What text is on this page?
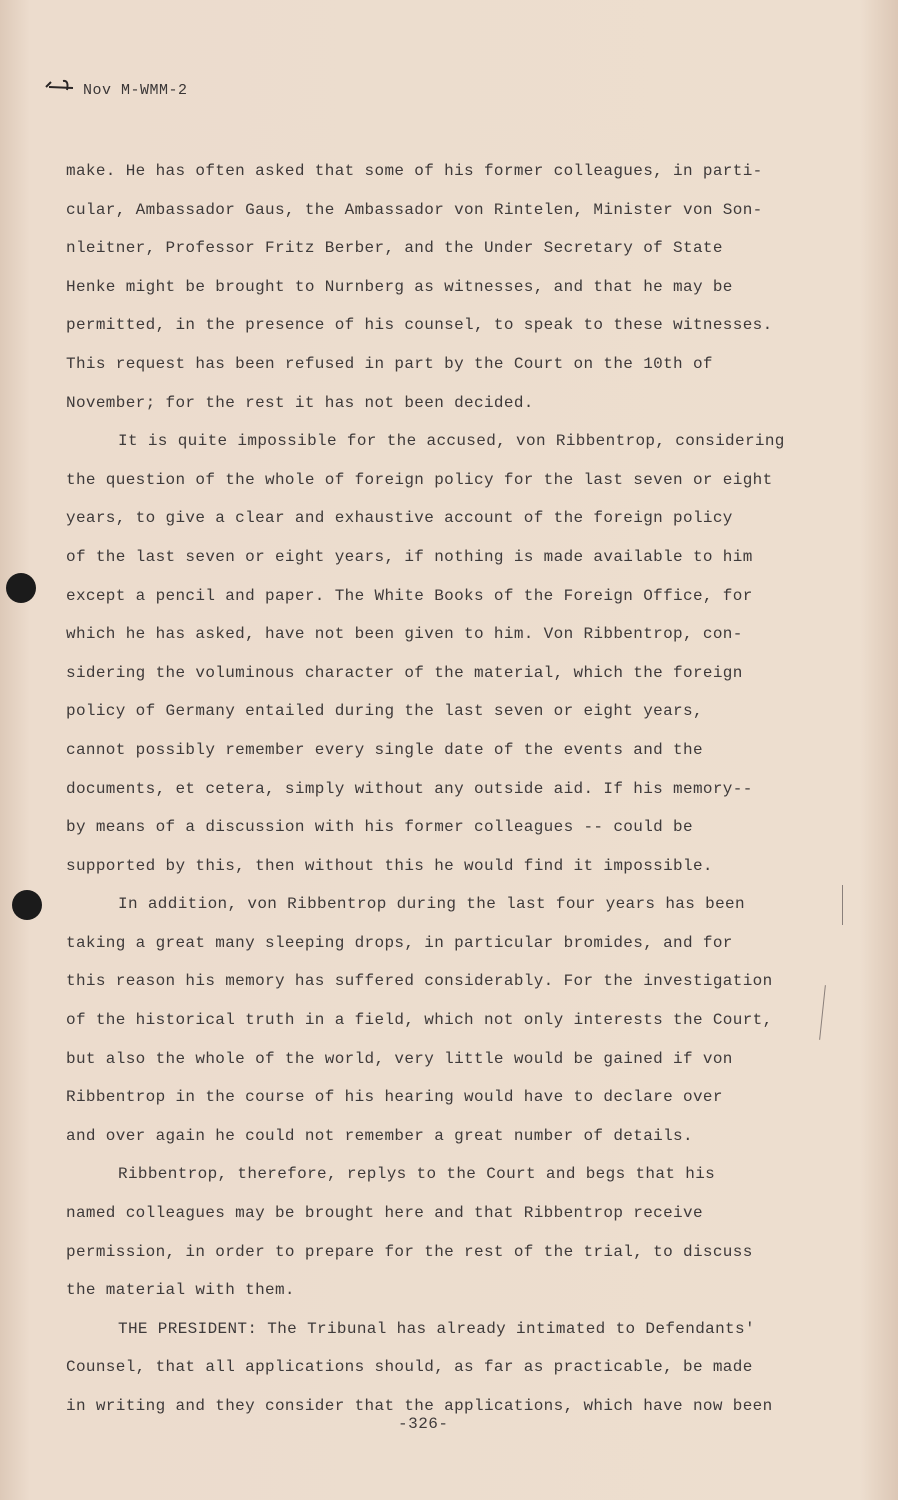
Nov M-WMM-2
make. He has often asked that some of his former colleagues, in parti-
cular, Ambassador Gaus, the Ambassador von Rintelen, Minister von Son-
nleitner, Professor Fritz Berber, and the Under Secretary of State
Henke might be brought to Nurnberg as witnesses, and that he may be
permitted, in the presence of his counsel, to speak to these witnesses.
This request has been refused in part by the Court on the 10th of
November; for the rest it has not been decided.
It is quite impossible for the accused, von Ribbentrop, considering
the question of the whole of foreign policy for the last seven or eight
years, to give a clear and exhaustive account of the foreign policy
of the last seven or eight years, if nothing is made available to him
except a pencil and paper. The White Books of the Foreign Office, for
which he has asked, have not been given to him. Von Ribbentrop, con-
sidering the voluminous character of the material, which the foreign
policy of Germany entailed during the last seven or eight years,
cannot possibly remember every single date of the events and the
documents, et cetera, simply without any outside aid. If his memory--
by means of a discussion with his former colleagues -- could be
supported by this, then without this he would find it impossible.
In addition, von Ribbentrop during the last four years has been
taking a great many sleeping drops, in particular bromides, and for
this reason his memory has suffered considerably. For the investigation
of the historical truth in a field, which not only interests the Court,
but also the whole of the world, very little would be gained if von
Ribbentrop in the course of his hearing would have to declare over
and over again he could not remember a great number of details.
Ribbentrop, therefore, replys to the Court and begs that his
named colleagues may be brought here and that Ribbentrop receive
permission, in order to prepare for the rest of the trial, to discuss
the material with them.
THE PRESIDENT: The Tribunal has already intimated to Defendants'
Counsel, that all applications should, as far as practicable, be made
in writing and they consider that the applications, which have now been
-326-
